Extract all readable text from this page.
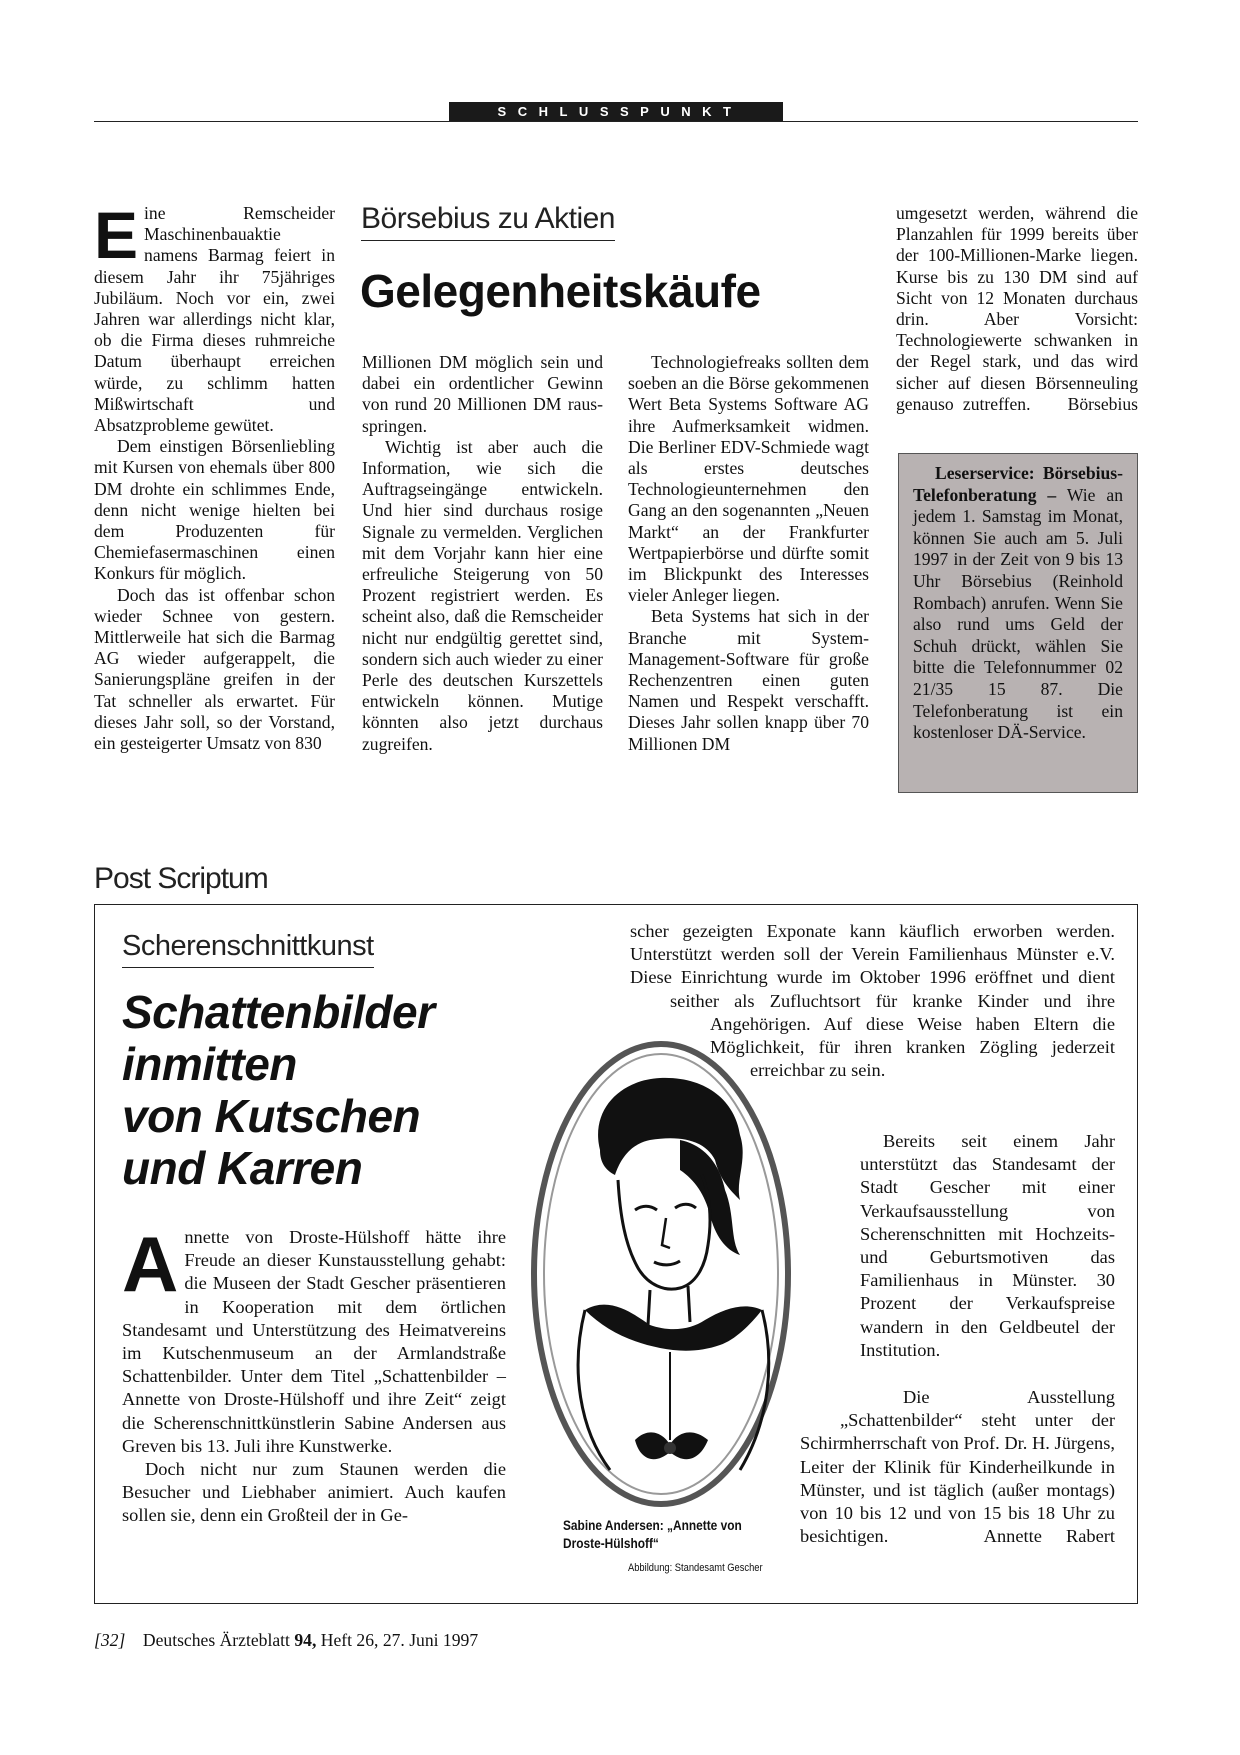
SCHLUSSPUNKT

Eine Remscheider Maschinenbauaktie namens Barmag feiert in diesem Jahr ihr 75jähriges Jubiläum. Noch vor ein, zwei Jahren war allerdings nicht klar, ob die Firma dieses ruhmreiche Datum überhaupt erreichen würde, zu schlimm hatten Mißwirtschaft und Absatzprobleme gewütet.

Dem einstigen Börsenliebling mit Kursen von ehemals über 800 DM drohte ein schlimmes Ende, denn nicht wenige hielten bei dem Produzenten für Chemiefasermaschinen einen Konkurs für möglich.

Doch das ist offenbar schon wieder Schnee von gestern. Mittlerweile hat sich die Barmag AG wieder aufgerappelt, die Sanierungspläne greifen in der Tat schneller als erwartet. Für dieses Jahr soll, so der Vorstand, ein gesteigerter Umsatz von 830

Börsebius zu Aktien
Gelegenheitskäufe

Millionen DM möglich sein und dabei ein ordentlicher Gewinn von rund 20 Millionen DM rausspringen.

Wichtig ist aber auch die Information, wie sich die Auftragseingänge entwickeln. Und hier sind durchaus rosige Signale zu vermelden. Verglichen mit dem Vorjahr kann hier eine erfreuliche Steigerung von 50 Prozent registriert werden. Es scheint also, daß die Remscheider nicht nur endgültig gerettet sind, sondern sich auch wieder zu einer Perle des deutschen Kurszettels entwickeln können. Mutige könnten also jetzt durchaus zugreifen.

Technologiefreaks sollten dem soeben an die Börse gekommenen Wert Beta Systems Software AG ihre Aufmerksamkeit widmen. Die Berliner EDV-Schmiede wagt als erstes deutsches Technologieunternehmen den Gang an den sogenannten „Neuen Markt“ an der Frankfurter Wertpapierbörse und dürfte somit im Blickpunkt des Interesses vieler Anleger liegen.

Beta Systems hat sich in der Branche mit System-Management-Software für große Rechenzentren einen guten Namen und Respekt verschafft. Dieses Jahr sollen knapp über 70 Millionen DM

umgesetzt werden, während die Planzahlen für 1999 bereits über der 100-Millionen-Marke liegen. Kurse bis zu 130 DM sind auf Sicht von 12 Monaten durchaus drin. Aber Vorsicht: Technologiewerte schwanken in der Regel stark, und das wird sicher auf diesen Börsenneuling genauso zutreffen. Börsebius

Leserservice: Börsebius-Telefonberatung – Wie an jedem 1. Samstag im Monat, können Sie auch am 5. Juli 1997 in der Zeit von 9 bis 13 Uhr Börsebius (Reinhold Rombach) anrufen. Wenn Sie also rund ums Geld der Schuh drückt, wählen Sie bitte die Telefonnummer 02 21/35 15 87. Die Telefonberatung ist ein kostenloser DÄ-Service.
Post Scriptum
Scherenschnittkunst
Schattenbilder
inmitten
von Kutschen
und Karren

Annette von Droste-Hülshoff hätte ihre Freude an dieser Kunstausstellung gehabt: die Museen der Stadt Gescher präsentieren in Kooperation mit dem örtlichen Standesamt und Unterstützung des Heimatvereins im Kutschenmuseum an der Armlandstraße Schattenbilder. Unter dem Titel „Schattenbilder – Annette von Droste-Hülshoff und ihre Zeit“ zeigt die Scherenschnittkünstlerin Sabine Andersen aus Greven bis 13. Juli ihre Kunstwerke.

Doch nicht nur zum Staunen werden die Besucher und Liebhaber animiert. Auch kaufen sollen sie, denn ein Großteil der in Ge-

scher gezeigten Exponate kann käuflich erworben werden. Unterstützt werden soll der Verein Familienhaus Münster e.V. Diese Einrichtung wurde im Oktober 1996 eröffnet und dient seither als Zufluchtsort für kranke Kinder und ihre Angehörigen. Auf diese Weise haben Eltern die Möglichkeit, für ihren kranken Zögling jederzeit erreichbar zu sein.

Bereits seit einem Jahr unterstützt das Standesamt der Stadt Gescher mit einer Verkaufsausstellung von Scherenschnitten mit Hochzeits- und Geburtsmotiven das Familienhaus in Münster. 30 Prozent der Verkaufspreise wandern in den Geldbeutel der Institution.

Die Ausstellung „Schattenbilder“ steht unter der Schirmherrschaft von Prof. Dr. H. Jürgens, Leiter der Klinik für Kinderheilkunde in Münster, und ist täglich (außer montags) von 10 bis 12 und von 15 bis 18 Uhr zu besichtigen.	Annette Rabert

Sabine Andersen: „Annette von Droste-Hülshoff“
Abbildung: Standesamt Gescher
[32] Deutsches Ärzteblatt 94, Heft 26, 27. Juni 1997
